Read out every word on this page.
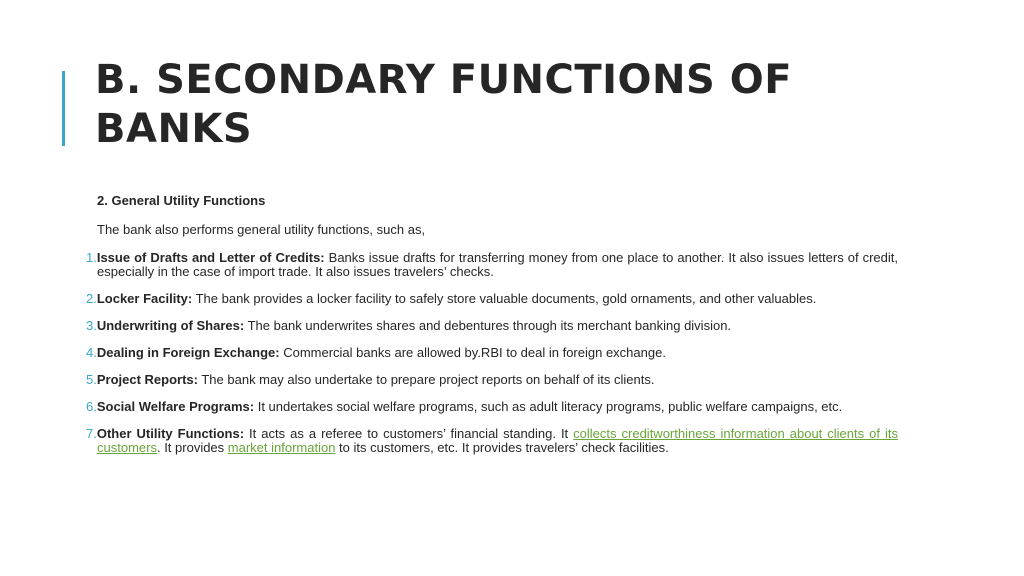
B. SECONDARY FUNCTIONS OF
BANKS

2. General Utility Functions

The bank also performs general utility functions, such as,

1.Issue of Drafts and Letter of Credits: Banks issue drafts for transferring money from one place to another. It also issues letters of credit, especially in the case of import trade. It also issues travelers’ checks.

2.Locker Facility: The bank provides a locker facility to safely store valuable documents, gold ornaments, and other valuables.

3.Underwriting of Shares: The bank underwrites shares and debentures through its merchant banking division.

4.Dealing in Foreign Exchange: Commercial banks are allowed by.RBI to deal in foreign exchange.

5.Project Reports: The bank may also undertake to prepare project reports on behalf of its clients.

6.Social Welfare Programs: It undertakes social welfare programs, such as adult literacy programs, public welfare campaigns, etc.

7.Other Utility Functions: It acts as a referee to customers’ financial standing. It collects creditworthiness information about clients of its customers. It provides market information to its customers, etc. It provides travelers’ check facilities.
